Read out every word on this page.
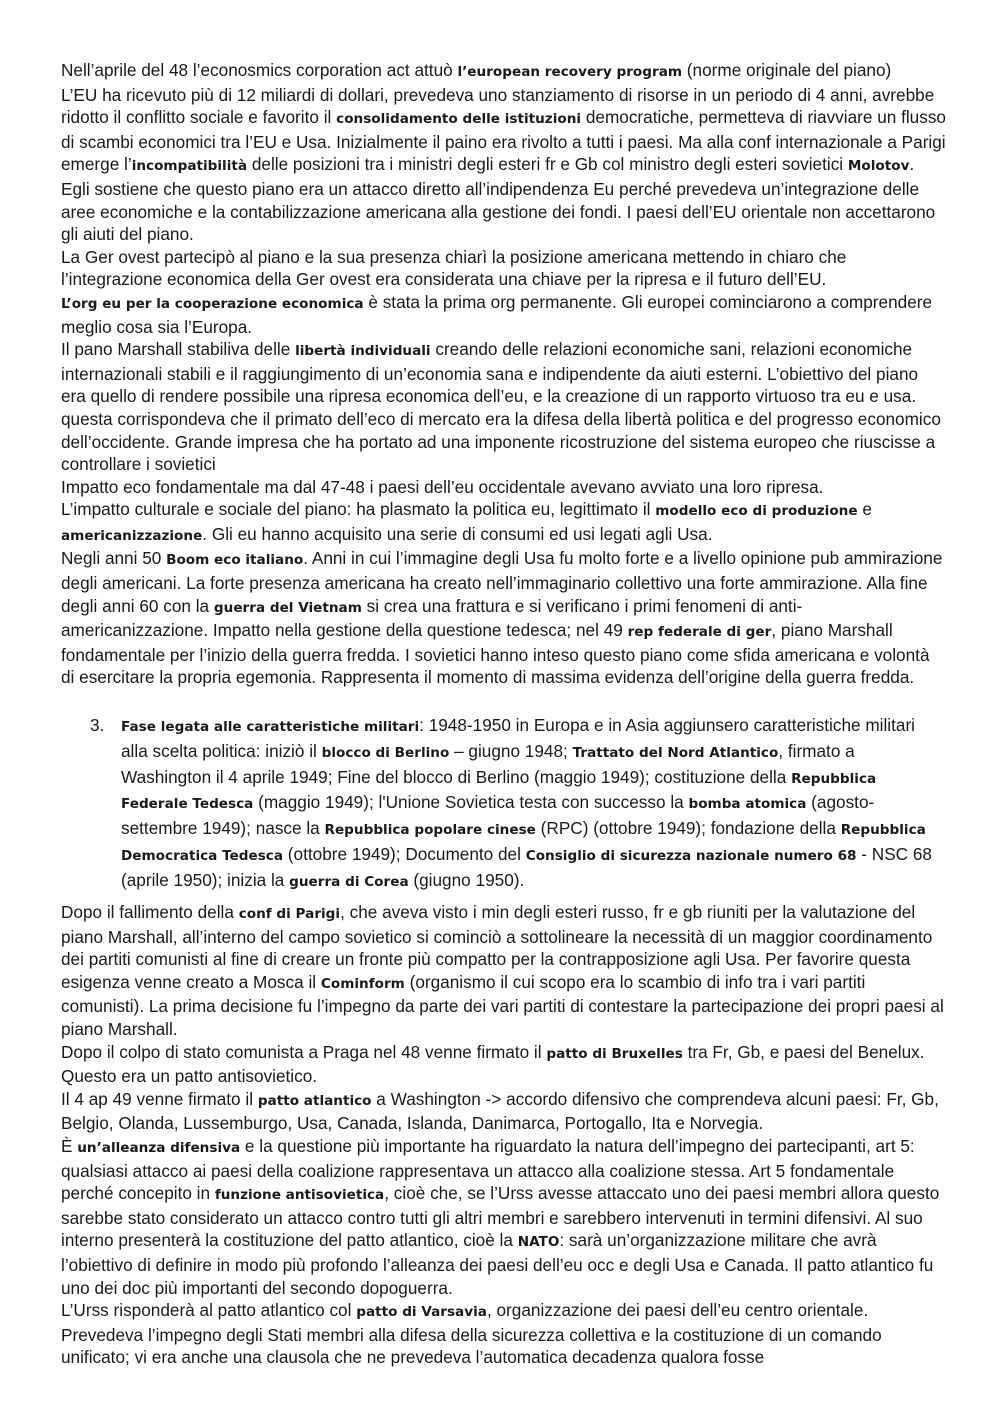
Nell’aprile del 48 l’econosmics corporation act attuò l’european recovery program (norme originale del piano)

L’EU ha ricevuto più di 12 miliardi di dollari, prevedeva uno stanziamento di risorse in un periodo di 4 anni, avrebbe ridotto il conflitto sociale e favorito il consolidamento delle istituzioni democratiche, permetteva di riavviare un flusso di scambi economici tra l’EU e Usa. Inizialmente il paino era rivolto a tutti i paesi. Ma alla conf internazionale a Parigi emerge l’incompatibilità delle posizioni tra i ministri degli esteri fr e Gb col ministro degli esteri sovietici Molotov. Egli sostiene che questo piano era un attacco diretto all’indipendenza Eu perché prevedeva un’integrazione delle aree economiche e la contabilizzazione americana alla gestione dei fondi. I paesi dell’EU orientale non accettarono gli aiuti del piano.

La Ger ovest partecipò al piano e la sua presenza chiarì la posizione americana mettendo in chiaro che l’integrazione economica della Ger ovest era considerata una chiave per la ripresa e il futuro dell’EU.

L’org eu per la cooperazione economica è stata la prima org permanente. Gli europei cominciarono a comprendere meglio cosa sia l’Europa.

Il pano Marshall stabiliva delle libertà individuali creando delle relazioni economiche sani, relazioni economiche internazionali stabili e il raggiungimento di un’economia sana e indipendente da aiuti esterni. L’obiettivo del piano era quello di rendere possibile una ripresa economica dell’eu, e la creazione di un rapporto virtuoso tra eu e usa. questa corrispondeva che il primato dell’eco di mercato era la difesa della libertà politica e del progresso economico dell’occidente. Grande impresa che ha portato ad una imponente ricostruzione del sistema europeo che riuscisse a controllare i sovietici

Impatto eco fondamentale ma dal 47-48 i paesi dell’eu occidentale avevano avviato una loro ripresa.

L’impatto culturale e sociale del piano: ha plasmato la politica eu, legittimato il modello eco di produzione e americanizzazione. Gli eu hanno acquisito una serie di consumi ed usi legati agli Usa.

Negli anni 50 Boom eco italiano. Anni in cui l’immagine degli Usa fu molto forte e a livello opinione pub ammirazione degli americani. La forte presenza americana ha creato nell’immaginario collettivo una forte ammirazione. Alla fine degli anni 60 con la guerra del Vietnam si crea una frattura e si verificano i primi fenomeni di anti-americanizzazione. Impatto nella gestione della questione tedesca; nel 49 rep federale di ger, piano Marshall fondamentale per l’inizio della guerra fredda. I sovietici hanno inteso questo piano come sfida americana e volontà di esercitare la propria egemonia. Rappresenta il momento di massima evidenza dell’origine della guerra fredda.

3. Fase legata alle caratteristiche militari: 1948-1950 in Europa e in Asia aggiunsero caratteristiche militari alla scelta politica: iniziò il blocco di Berlino – giugno 1948; Trattato del Nord Atlantico, firmato a Washington il 4 aprile 1949; Fine del blocco di Berlino (maggio 1949); costituzione della Repubblica Federale Tedesca (maggio 1949); l'Unione Sovietica testa con successo la bomba atomica (agosto-settembre 1949); nasce la Repubblica popolare cinese (RPC) (ottobre 1949); fondazione della Repubblica Democratica Tedesca (ottobre 1949); Documento del Consiglio di sicurezza nazionale numero 68 - NSC 68 (aprile 1950); inizia la guerra di Corea (giugno 1950).

Dopo il fallimento della conf di Parigi, che aveva visto i min degli esteri russo, fr e gb riuniti per la valutazione del piano Marshall, all’interno del campo sovietico si cominciò a sottolineare la necessità di un maggior coordinamento dei partiti comunisti al fine di creare un fronte più compatto per la contrapposizione agli Usa. Per favorire questa esigenza venne creato a Mosca il Cominform (organismo il cui scopo era lo scambio di info tra i vari partiti comunisti). La prima decisione fu l’impegno da parte dei vari partiti di contestare la partecipazione dei propri paesi al piano Marshall.

Dopo il colpo di stato comunista a Praga nel 48 venne firmato il patto di Bruxelles tra Fr, Gb, e paesi del Benelux. Questo era un patto antisovietico.

Il 4 ap 49 venne firmato il patto atlantico a Washington -> accordo difensivo che comprendeva alcuni paesi: Fr, Gb, Belgio, Olanda, Lussemburgo, Usa, Canada, Islanda, Danimarca, Portogallo, Ita e Norvegia.

È un’alleanza difensiva e la questione più importante ha riguardato la natura dell’impegno dei partecipanti, art 5: qualsiasi attacco ai paesi della coalizione rappresentava un attacco alla coalizione stessa. Art 5 fondamentale perché concepito in funzione antisovietica, cioè che, se l’Urss avesse attaccato uno dei paesi membri allora questo sarebbe stato considerato un attacco contro tutti gli altri membri e sarebbero intervenuti in termini difensivi. Al suo interno presenterà la costituzione del patto atlantico, cioè la NATO: sarà un’organizzazione militare che avrà l’obiettivo di definire in modo più profondo l’alleanza dei paesi dell’eu occ e degli Usa e Canada. Il patto atlantico fu uno dei doc più importanti del secondo dopoguerra.

L’Urss risponderà al patto atlantico col patto di Varsavia, organizzazione dei paesi dell’eu centro orientale.

Prevedeva l’impegno degli Stati membri alla difesa della sicurezza collettiva e la costituzione di un comando unificato; vi era anche una clausola che ne prevedeva l’automatica decadenza qualora fosse
